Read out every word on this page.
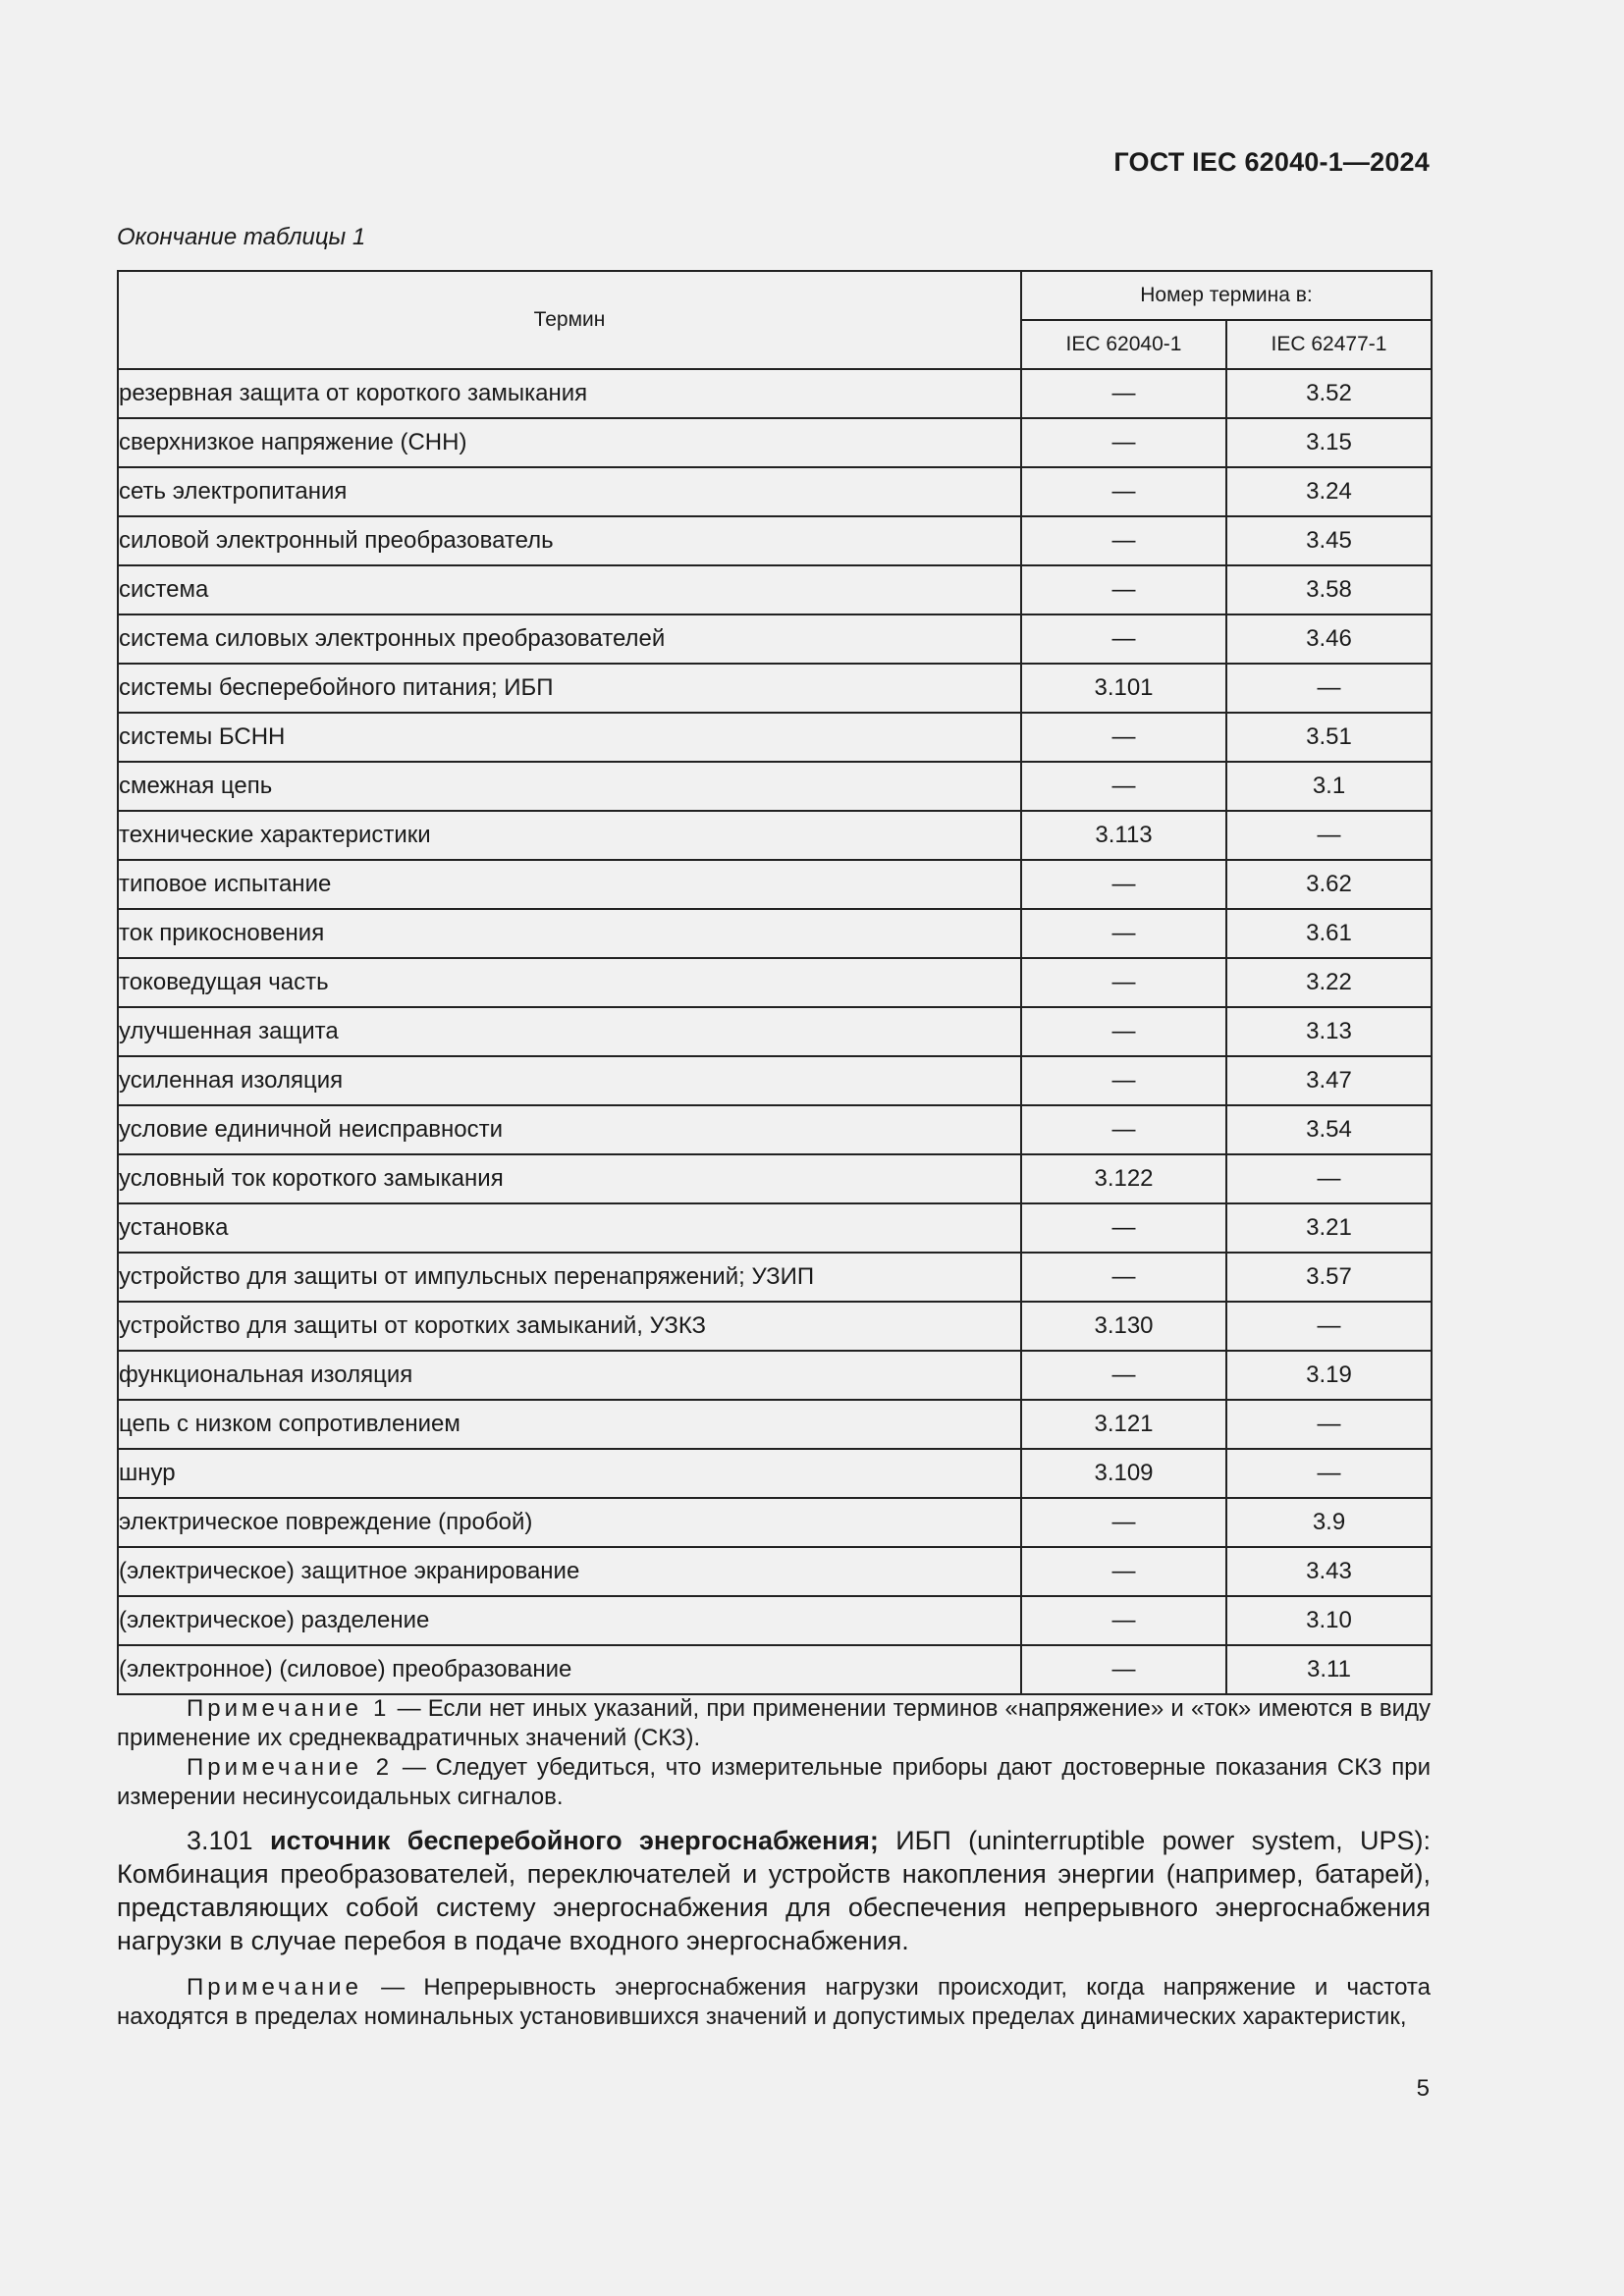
ГОСТ IEC 62040-1—2024
Окончание таблицы 1
Термин	Номер термина в:	
	IEC 62040-1	IEC 62477-1
резервная защита от короткого замыкания	—	3.52
сверхнизкое напряжение (СНН)	—	3.15
сеть электропитания	—	3.24
силовой электронный преобразователь	—	3.45
система	—	3.58
система силовых электронных преобразователей	—	3.46
системы бесперебойного питания; ИБП	3.101	—
системы БСНН	—	3.51
смежная цепь	—	3.1
технические характеристики	3.113	—
типовое испытание	—	3.62
ток прикосновения	—	3.61
токоведущая часть	—	3.22
улучшенная защита	—	3.13
усиленная изоляция	—	3.47
условие единичной неисправности	—	3.54
условный ток короткого замыкания	3.122	—
установка	—	3.21
устройство для защиты от импульсных перенапряжений; УЗИП	—	3.57
устройство для защиты от коротких замыканий, УЗКЗ	3.130	—
функциональная изоляция	—	3.19
цепь с низком сопротивлением	3.121	—
шнур	3.109	—
электрическое повреждение (пробой)	—	3.9
(электрическое) защитное экранирование	—	3.43
(электрическое) разделение	—	3.10
(электронное) (силовое) преобразование	—	3.11

Примечание 1 — Если нет иных указаний, при применении терминов «напряжение» и «ток» имеются в виду применение их среднеквадратичных значений (СКЗ).

Примечание 2 — Следует убедиться, что измерительные приборы дают достоверные показания СКЗ при измерении несинусоидальных сигналов.

3.101 источник бесперебойного энергоснабжения; ИБП (uninterruptible power system, UPS): Комбинация преобразователей, переключателей и устройств накопления энергии (например, батарей), представляющих собой систему энергоснабжения для обеспечения непрерывного энергоснабжения нагрузки в случае перебоя в подаче входного энергоснабжения.

Примечание — Непрерывность энергоснабжения нагрузки происходит, когда напряжение и частота находятся в пределах номинальных установившихся значений и допустимых пределах динамических характеристик,

5
